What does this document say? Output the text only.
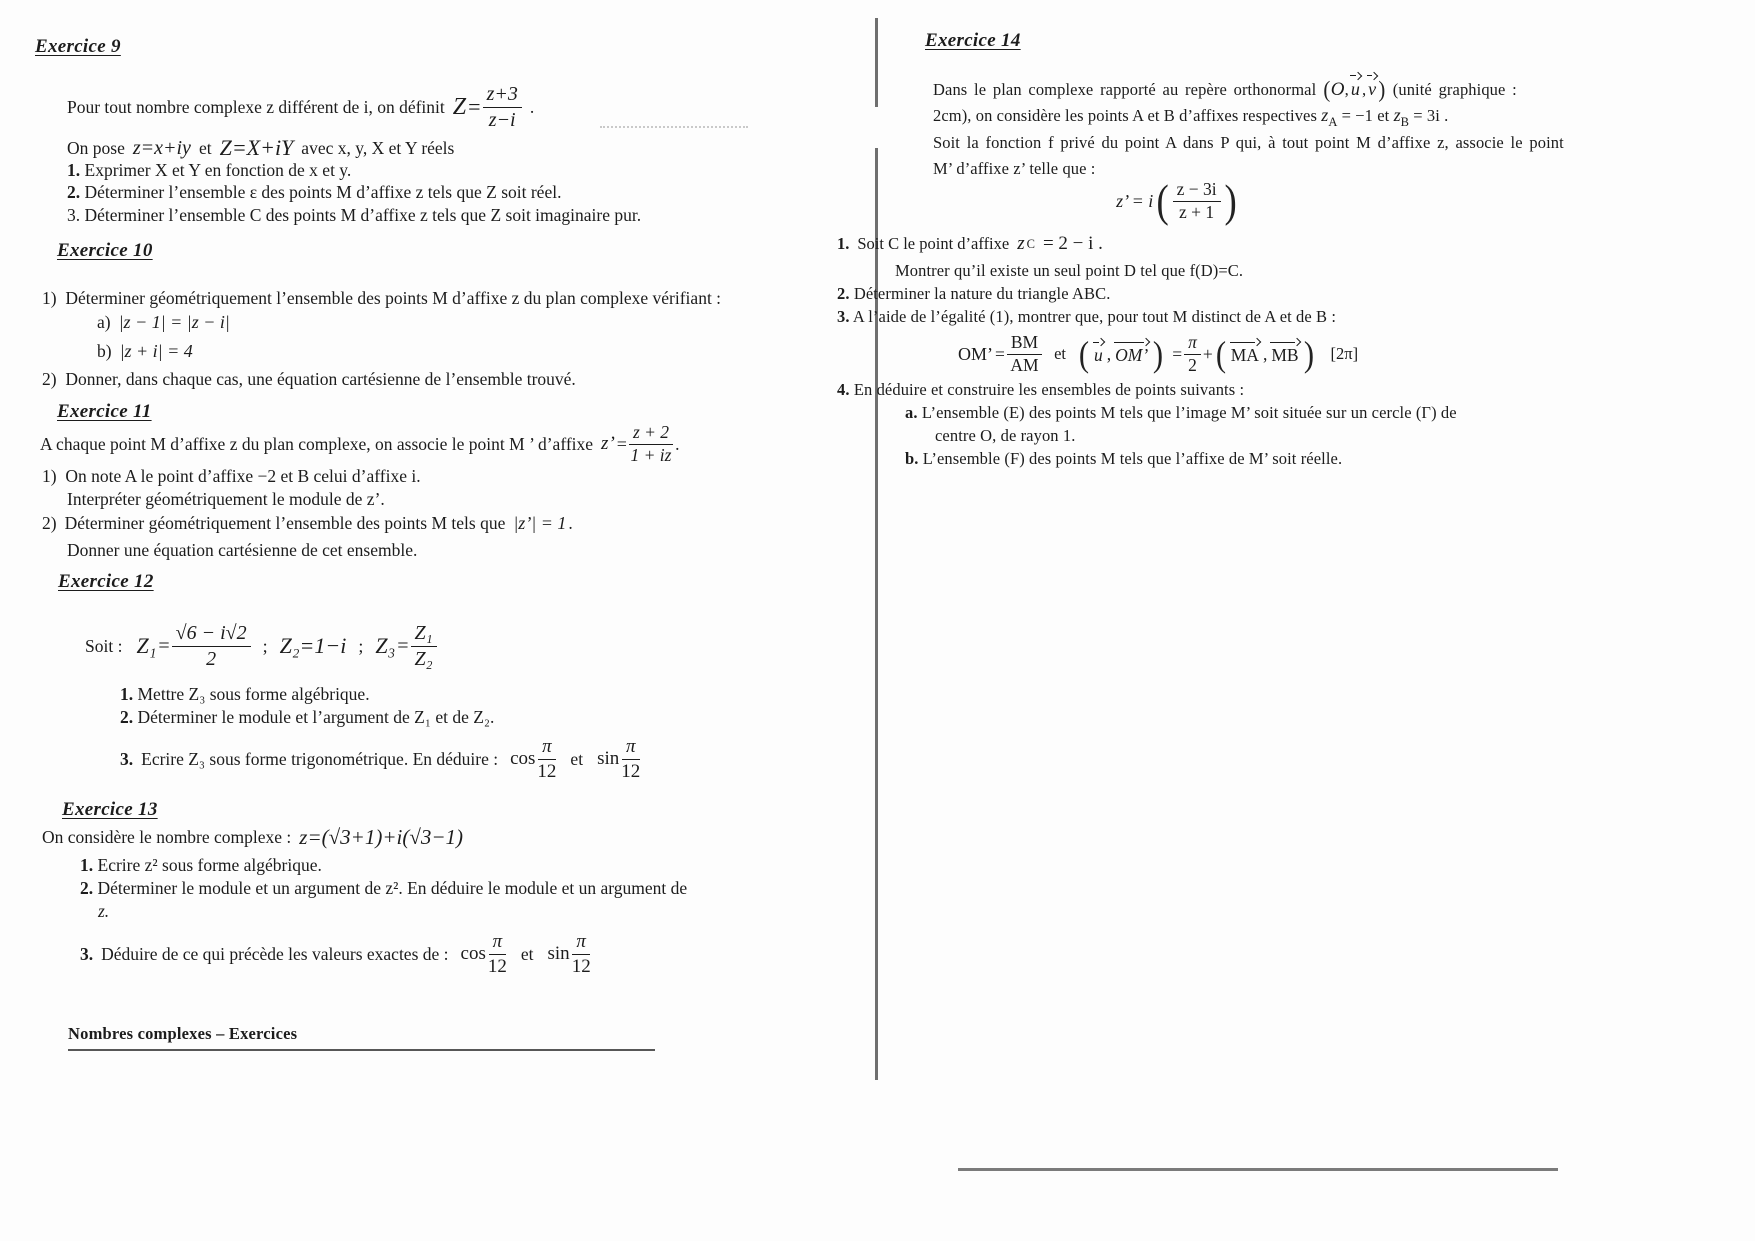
Exercice 9
Pour tout nombre complexe z différent de i, on définit $Z = \frac{z+3}{z-i}$ .
On pose z=x+iy et Z=X+iY avec x, y, X et Y réels
1. Exprimer X et Y en fonction de x et y.
2. Déterminer l’ensemble ε des points M d’affixe z tels que Z soit réel.
3. Déterminer l’ensemble C des points M d’affixe z tels que Z soit imaginaire pur.
Exercice 10
1) Déterminer géométriquement l’ensemble des points M d’affixe z du plan complexe vérifiant :
a) |z − 1| = |z − i|
b) |z + i| = 4
2) Donner, dans chaque cas, une équation cartésienne de l’ensemble trouvé.
Exercice 11
A chaque point M d’affixe z du plan complexe, on associe le point M ’ d’affixe z’ = $\frac{z + 2}{1 + iz}$ .
1) On note A le point d’affixe −2 et B celui d’affixe i.
Interpréter géométriquement le module de z’.
2) Déterminer géométriquement l’ensemble des points M tels que |z’| = 1 .
Donner une équation cartésienne de cet ensemble.
Exercice 12
Soit : $Z_1 = \frac{√6 - i√2}{2}$ ; Z₂=1−i ; $Z_3 = \frac{\text{Z₁}}{\text{Z₂}}$
1. Mettre Z₃ sous forme algébrique.
2. Déterminer le module et l’argument de Z₁ et de Z₂.
3. Ecrire Z₃ sous forme trigonométrique. En déduire : $\cos \frac{\pi}{12}$ et $\sin \frac{\pi}{12}$
Exercice 13
On considère le nombre complexe : z=(√3+1)+i(√3−1)
1. Ecrire z² sous forme algébrique.
2. Déterminer le module et un argument de z². En déduire le module et un argument de
z.
3. Déduire de ce qui précède les valeurs exactes de : $\cos \frac{\pi}{12}$ et $\sin \frac{\pi}{12}$
Nombres complexes – Exercices
Exercice 14
Dans le plan complexe rapporté au repère orthonormal (O, u , v ) (unité graphique :
2cm), on considère les points A et B d’affixes respectives $z_A = -1$ et $z_B = 3i$ .
Soit la fonction f privé du point A dans P qui, à tout point M d’affixe z, associe le point
M’ d’affixe z’ telle que :
z’ = i ( $\frac{z - 3i}{z + 1}$ )
1. Soit C le point d’affixe z C = 2 − i .
Montrer qu’il existe un seul point D tel que f(D)=C.
2. Déterminer la nature du triangle ABC.
3. A l’aide de l’égalité (1), montrer que, pour tout M distinct de A et de B :
OM’ = $\frac{BM}{AM}$ et ( u , OM’ ) = $\frac{\pi}{2}$ + ( MA , MB ) [2π]
4. En déduire et construire les ensembles de points suivants :
a. L’ensemble (E) des points M tels que l’image M’ soit située sur un cercle (Γ) de
centre O, de rayon 1.
b. L’ensemble (F) des points M tels que l’affixe de M’ soit réelle.
